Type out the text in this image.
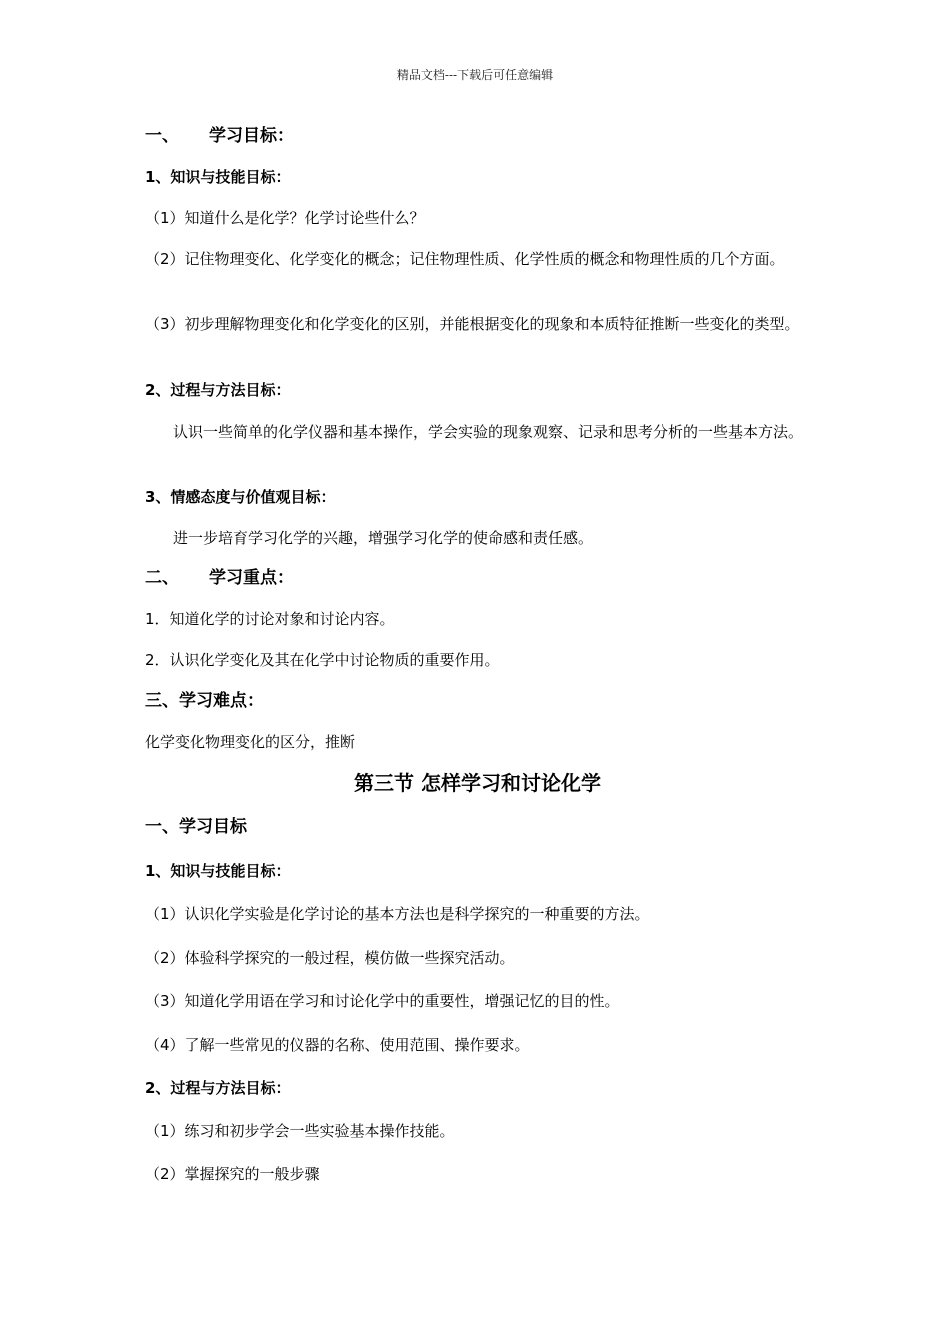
精品文档---下载后可任意编辑
一、 学习目标：
1、知识与技能目标：
（1）知道什么是化学？化学讨论些什么？
（2）记住物理变化、化学变化的概念；记住物理性质、化学性质的概念和物理性质的几个方面。
（3）初步理解物理变化和化学变化的区别，并能根据变化的现象和本质特征推断一些变化的类型。
2、过程与方法目标：
认识一些简单的化学仪器和基本操作，学会实验的现象观察、记录和思考分析的一些基本方法。
3、情感态度与价值观目标：
进一步培育学习化学的兴趣，增强学习化学的使命感和责任感。
二、 学习重点：
1．知道化学的讨论对象和讨论内容。
2．认识化学变化及其在化学中讨论物质的重要作用。
三、学习难点：
化学变化物理变化的区分，推断
第三节 怎样学习和讨论化学
一、学习目标
1、知识与技能目标：
（1）认识化学实验是化学讨论的基本方法也是科学探究的一种重要的方法。
（2）体验科学探究的一般过程，模仿做一些探究活动。
（3）知道化学用语在学习和讨论化学中的重要性，增强记忆的目的性。
（4）了解一些常见的仪器的名称、使用范围、操作要求。
2、过程与方法目标：
（1）练习和初步学会一些实验基本操作技能。
（2）掌握探究的一般步骤
